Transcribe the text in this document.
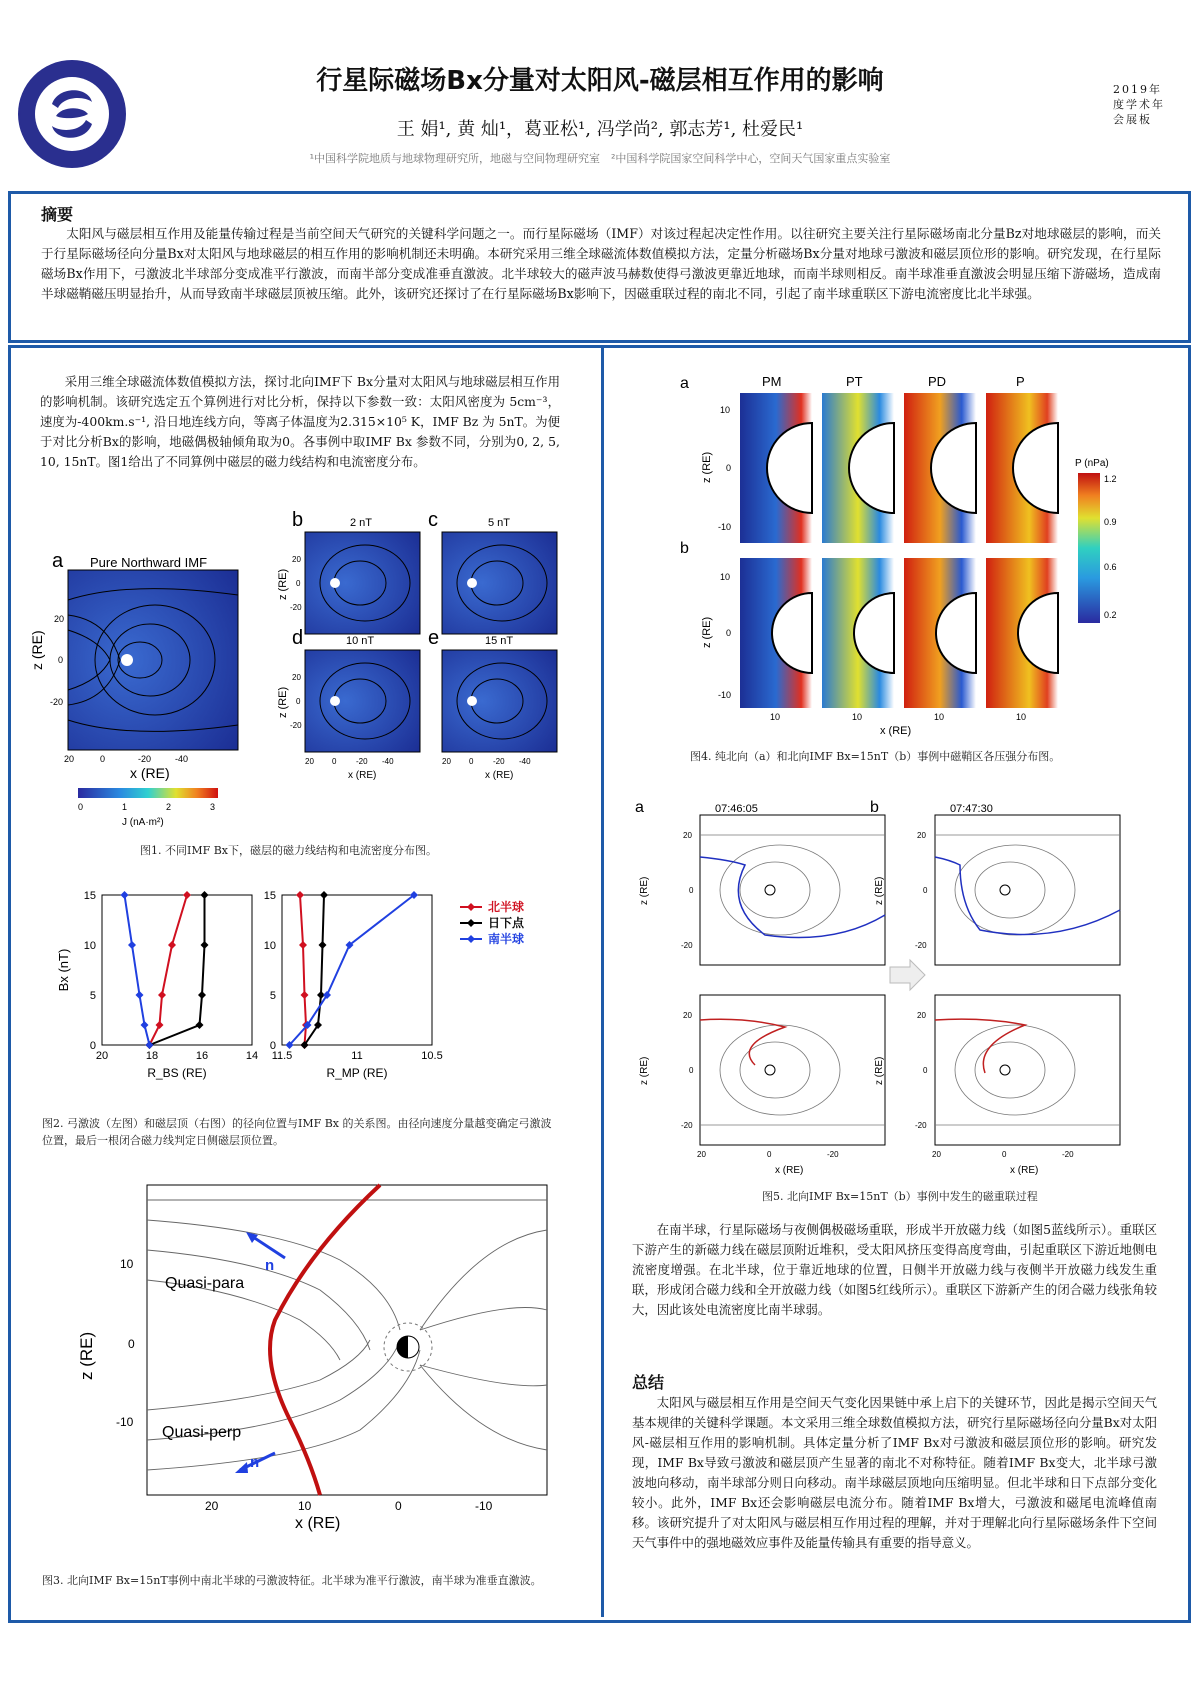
行星际磁场Bx分量对太阳风-磁层相互作用的影响
王 娟¹, 黄 灿¹，葛亚松¹, 冯学尚², 郭志芳¹, 杜爱民¹
¹中国科学院地质与地球物理研究所，地磁与空间物理研究室　²中国科学院国家空间科学中心，空间天气国家重点实验室
2019年度学术年会展板
摘要
太阳风与磁层相互作用及能量传输过程是当前空间天气研究的关键科学问题之一。而行星际磁场（IMF）对该过程起决定性作用。以往研究主要关注行星际磁场南北分量Bz对地球磁层的影响，而关于行星际磁场径向分量Bx对太阳风与地球磁层的相互作用的影响机制还未明确。本研究采用三维全球磁流体数值模拟方法，定量分析磁场Bx分量对地球弓激波和磁层顶位形的影响。研究发现，在行星际磁场Bx作用下，弓激波北半球部分变成准平行激波，而南半部分变成准垂直激波。北半球较大的磁声波马赫数使得弓激波更靠近地球，而南半球则相反。南半球准垂直激波会明显压缩下游磁场，造成南半球磁鞘磁压明显抬升，从而导致南半球磁层顶被压缩。此外，该研究还探讨了在行星际磁场Bx影响下，因磁重联过程的南北不同，引起了南半球重联区下游电流密度比北半球强。
采用三维全球磁流体数值模拟方法，探讨北向IMF下 Bx分量对太阳风与地球磁层相互作用的影响机制。该研究选定五个算例进行对比分析，保持以下参数一致：太阳风密度为 5cm⁻³，速度为-400km.s⁻¹, 沿日地连线方向，等离子体温度为2.315×10⁵ K，IMF Bz 为 5nT。为便于对比分析Bx的影响，地磁偶极轴倾角取为0。各事例中取IMF Bx 参数不同，分别为0, 2, 5, 10, 15nT。图1给出了不同算例中磁层的磁力线结构和电流密度分布。
a Pure Northward IMF
z (RE)
20
0
-20
20	0	-20	-40
x (RE)
0	1	2	3
J (nA·m²)
b	2 nT	c	5 nT
d	10 nT	e	15 nT
z (RE)
z (RE)
20
0
-20
20
0
-20
20 0 -20 -40	20 0 -20 -40
x (RE)	x (RE)
图1. 不同IMF Bx下，磁层的磁力线结构和电流密度分布图。
15
10
5
0
20	18	16	14
R_BS (RE)
Bx (nT)
15
10
5
0
11.5	11	10.5
R_MP (RE)
北半球
日下点
南半球
图2. 弓激波（左图）和磁层顶（右图）的径向位置与IMF Bx 的关系图。由径向速度分量越变确定弓激波位置，最后一根闭合磁力线判定日侧磁层顶位置。
n
n
Quasi-para
Quasi-perp
z (RE)
10
0
-10
20	10	0	-10
x (RE)
图3. 北向IMF Bx=15nT事例中南北半球的弓激波特征。北半球为准平行激波，南半球为准垂直激波。
a
b
PM	PT	PD	P
z (RE)
z (RE)
10
0
-10
10
0
-10
10	10	10	10
x (RE)
P (nPa)
1.2
0.9
0.6
0.2
图4. 纯北向（a）和北向IMF Bx=15nT（b）事例中磁鞘区各压强分布图。
a	07:46:05	b	07:47:30
z (RE)
z (RE)
z (RE)
z (RE)
20
0
-20
20
0
-20
20
0
-20
20
0
-20
20	0	-20	20	0	-20
x (RE)	x (RE)
图5. 北向IMF Bx=15nT（b）事例中发生的磁重联过程
在南半球，行星际磁场与夜侧偶极磁场重联，形成半开放磁力线（如图5蓝线所示）。重联区下游产生的新磁力线在磁层顶附近堆积，受太阳风挤压变得高度弯曲，引起重联区下游近地侧电流密度增强。在北半球，位于靠近地球的位置，日侧半开放磁力线与夜侧半开放磁力线发生重联，形成闭合磁力线和全开放磁力线（如图5红线所示）。重联区下游新产生的闭合磁力线张角较大，因此该处电流密度比南半球弱。
总结
太阳风与磁层相互作用是空间天气变化因果链中承上启下的关键环节，因此是揭示空间天气基本规律的关键科学课题。本文采用三维全球数值模拟方法，研究行星际磁场径向分量Bx对太阳风-磁层相互作用的影响机制。具体定量分析了IMF Bx对弓激波和磁层顶位形的影响。研究发现，IMF Bx导致弓激波和磁层顶产生显著的南北不对称特征。随着IMF Bx变大，北半球弓激波地向移动，南半球部分则日向移动。南半球磁层顶地向压缩明显。但北半球和日下点部分变化较小。此外，IMF Bx还会影响磁层电流分布。随着IMF Bx增大，弓激波和磁尾电流峰值南移。该研究提升了对太阳风与磁层相互作用过程的理解，并对于理解北向行星际磁场条件下空间天气事件中的强地磁效应事件及能量传输具有重要的指导意义。
